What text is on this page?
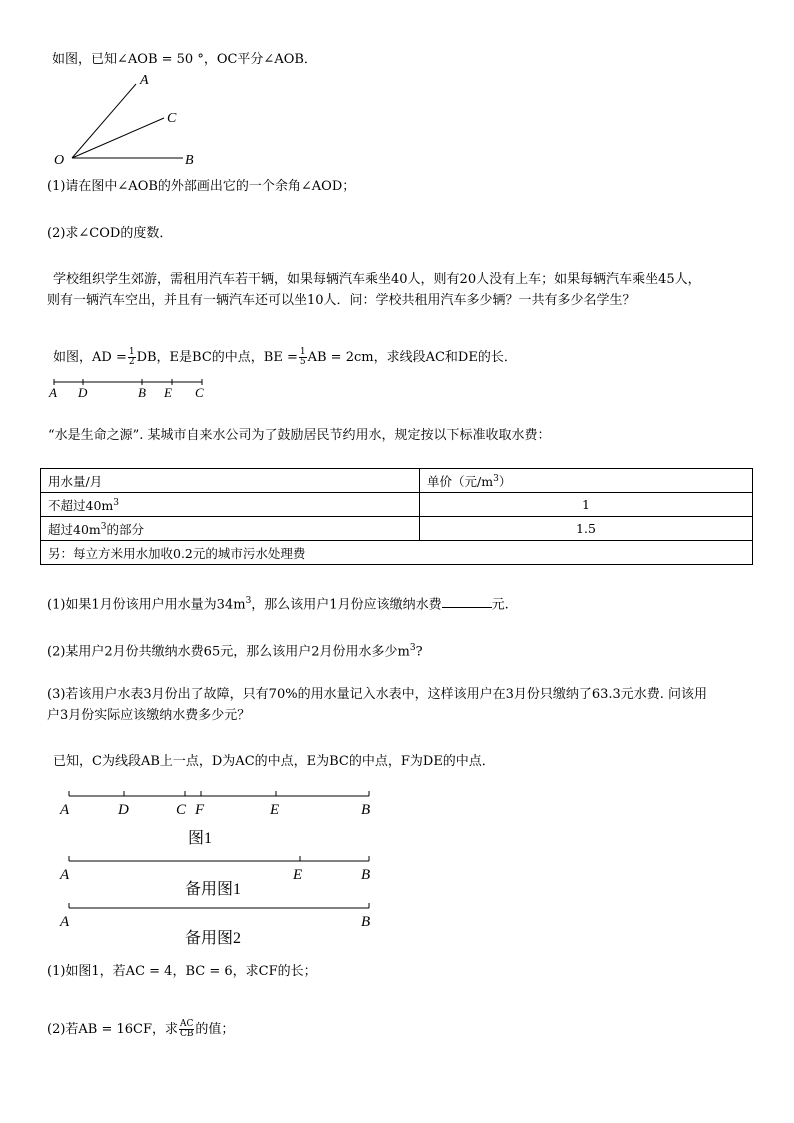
如图，已知∠AOB = 50 °，OC平分∠AOB．
A
C
O	B
(1)请在图中∠AOB的外部画出它的一个余角∠AOD；
(2)求∠COD的度数．
学校组织学生郊游，需租用汽车若干辆，如果每辆汽车乘坐40人，则有20人没有上车；如果每辆汽车乘坐45人，
则有一辆汽车空出，并且有一辆汽车还可以坐10人．问：学校共租用汽车多少辆？一共有多少名学生？
如图，AD = $\frac{1}{2}$ DB，E是BC的中点，BE = $\frac{1}{5}$ AB = 2cm，求线段AC和DE的长．
A D	B E C
“水是生命之源”. 某城市自来水公司为了鼓励居民节约用水，规定按以下标准收取水费：
用水量/月	单价（元$/m^3$）
不超过$40m^3$	1
超过$40m^3$的部分	1.5
另：每立方米用水加收0.2元的城市污水处理费	
(1)如果1月份该用户用水量为$34m^3$，那么该用户1月份应该缴纳水费	元.
(2)某用户2月份共缴纳水费65元，那么该用户2月份用水多少$m^3$?
(3)若该用户水表3月份出了故障，只有70%的用水量记入水表中，这样该用户在3月份只缴纳了63.3元水费. 问该用
户3月份实际应该缴纳水费多少元？
已知，C为线段AB上一点，D为AC的中点，E为BC的中点，F为DE的中点．
A	D	C F	E	B
图1
A	E	B
备用图1
A	B
备用图2
(1)如图1，若AC = 4，BC = 6，求CF的长；
(2)若AB = 16CF，求 $\frac{AC}{CB}$ 的值；
